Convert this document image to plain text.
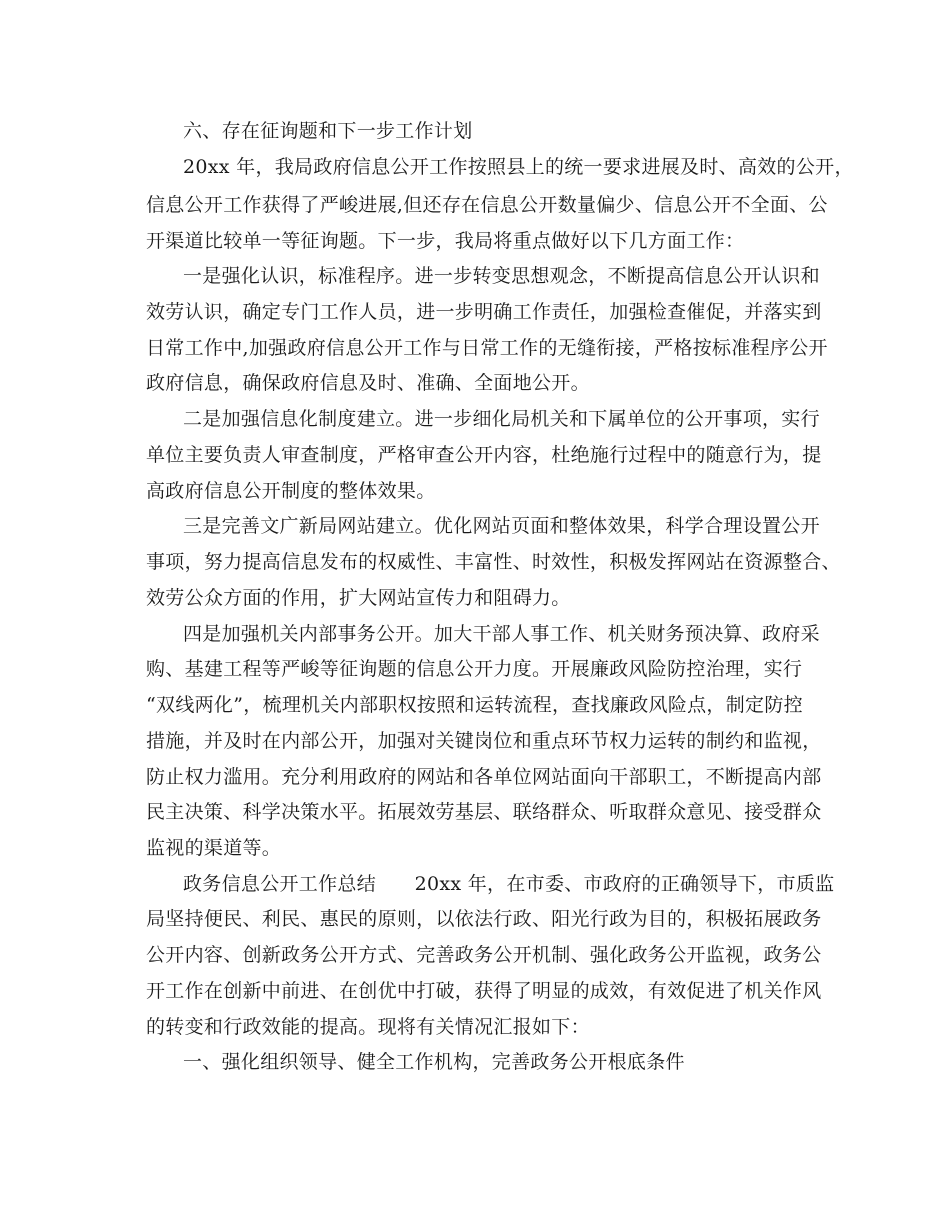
六、存在征询题和下一步工作计划
20xx 年，我局政府信息公开工作按照县上的统一要求进展及时、高效的公开，
信息公开工作获得了严峻进展,但还存在信息公开数量偏少、信息公开不全面、公
开渠道比较单一等征询题。下一步，我局将重点做好以下几方面工作：
一是强化认识，标准程序。进一步转变思想观念，不断提高信息公开认识和
效劳认识，确定专门工作人员，进一步明确工作责任，加强检查催促，并落实到
日常工作中,加强政府信息公开工作与日常工作的无缝衔接，严格按标准程序公开
政府信息，确保政府信息及时、准确、全面地公开。
二是加强信息化制度建立。进一步细化局机关和下属单位的公开事项，实行
单位主要负责人审查制度，严格审查公开内容，杜绝施行过程中的随意行为，提
高政府信息公开制度的整体效果。
三是完善文广新局网站建立。优化网站页面和整体效果，科学合理设置公开
事项，努力提高信息发布的权威性、丰富性、时效性，积极发挥网站在资源整合、
效劳公众方面的作用，扩大网站宣传力和阻碍力。
四是加强机关内部事务公开。加大干部人事工作、机关财务预决算、政府采
购、基建工程等严峻等征询题的信息公开力度。开展廉政风险防控治理，实行
“双线两化”，梳理机关内部职权按照和运转流程，查找廉政风险点，制定防控
措施，并及时在内部公开，加强对关键岗位和重点环节权力运转的制约和监视，
防止权力滥用。充分利用政府的网站和各单位网站面向干部职工，不断提高内部
民主决策、科学决策水平。拓展效劳基层、联络群众、听取群众意见、接受群众
监视的渠道等。
政务信息公开工作总结　　20xx 年，在市委、市政府的正确领导下，市质监
局坚持便民、利民、惠民的原则，以依法行政、阳光行政为目的，积极拓展政务
公开内容、创新政务公开方式、完善政务公开机制、强化政务公开监视，政务公
开工作在创新中前进、在创优中打破，获得了明显的成效，有效促进了机关作风
的转变和行政效能的提高。现将有关情况汇报如下：
一、强化组织领导、健全工作机构，完善政务公开根底条件
